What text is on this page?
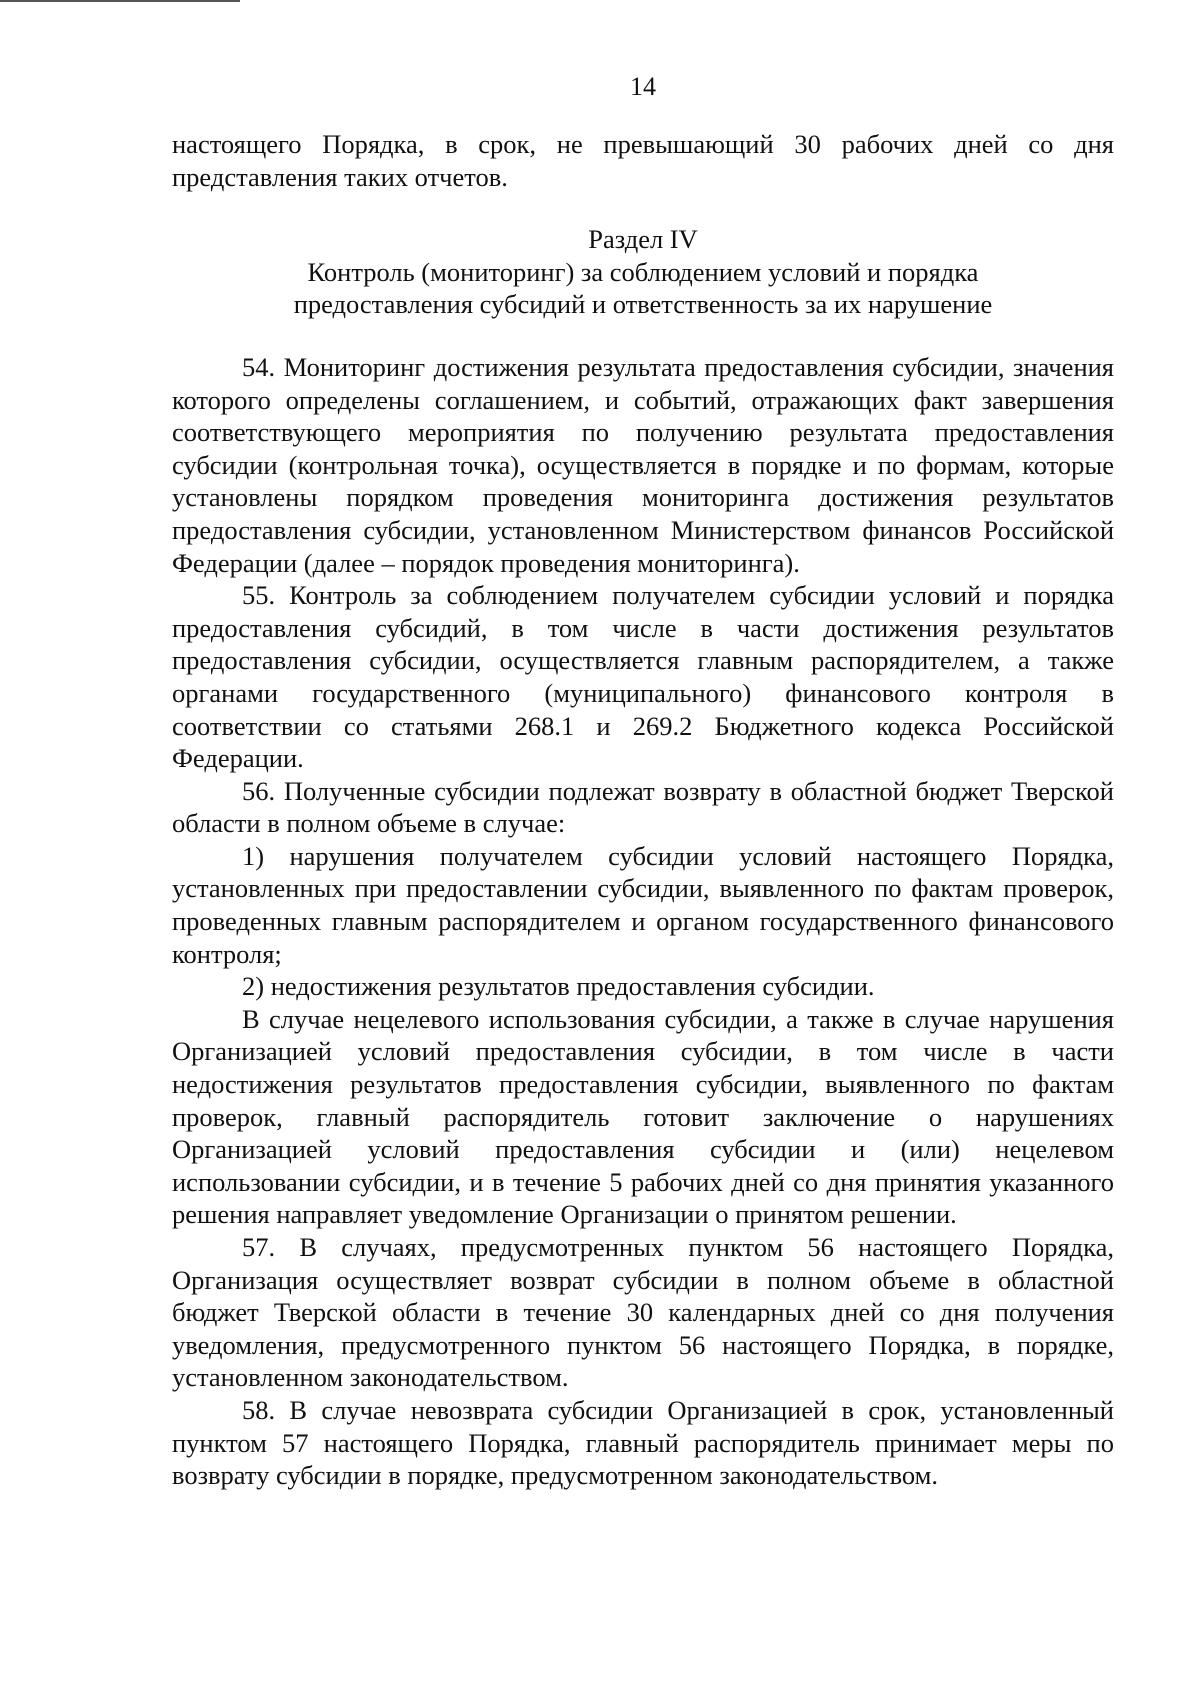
14

настоящего Порядка, в срок, не превышающий 30 рабочих дней со дня представления таких отчетов.

Раздел IV

Контроль (мониторинг) за соблюдением условий и порядка

предоставления субсидий и ответственность за их нарушение

54. Мониторинг достижения результата предоставления субсидии, значения которого определены соглашением, и событий, отражающих факт завершения соответствующего мероприятия по получению результата предоставления субсидии (контрольная точка), осуществляется в порядке и по формам, которые установлены порядком проведения мониторинга достижения результатов предоставления субсидии, установленном Министерством финансов Российской Федерации (далее – порядок проведения мониторинга).

55. Контроль за соблюдением получателем субсидии условий и порядка предоставления субсидий, в том числе в части достижения результатов предоставления субсидии, осуществляется главным распорядителем, а также органами государственного (муниципального) финансового контроля в соответствии со статьями 268.1 и 269.2 Бюджетного кодекса Российской Федерации.

56. Полученные субсидии подлежат возврату в областной бюджет Тверской области в полном объеме в случае:

1) нарушения получателем субсидии условий настоящего Порядка, установленных при предоставлении субсидии, выявленного по фактам проверок, проведенных главным распорядителем и органом государственного финансового контроля;

2) недостижения результатов предоставления субсидии.

В случае нецелевого использования субсидии, а также в случае нарушения Организацией условий предоставления субсидии, в том числе в части недостижения результатов предоставления субсидии, выявленного по фактам проверок, главный распорядитель готовит заключение о нарушениях Организацией условий предоставления субсидии и (или) нецелевом использовании субсидии, и в течение 5 рабочих дней со дня принятия указанного решения направляет уведомление Организации о принятом решении.

57. В случаях, предусмотренных пунктом 56 настоящего Порядка, Организация осуществляет возврат субсидии в полном объеме в областной бюджет Тверской области в течение 30 календарных дней со дня получения уведомления, предусмотренного пунктом 56 настоящего Порядка, в порядке, установленном законодательством.

58. В случае невозврата субсидии Организацией в срок, установленный пунктом 57 настоящего Порядка, главный распорядитель принимает меры по возврату субсидии в порядке, предусмотренном законодательством.
